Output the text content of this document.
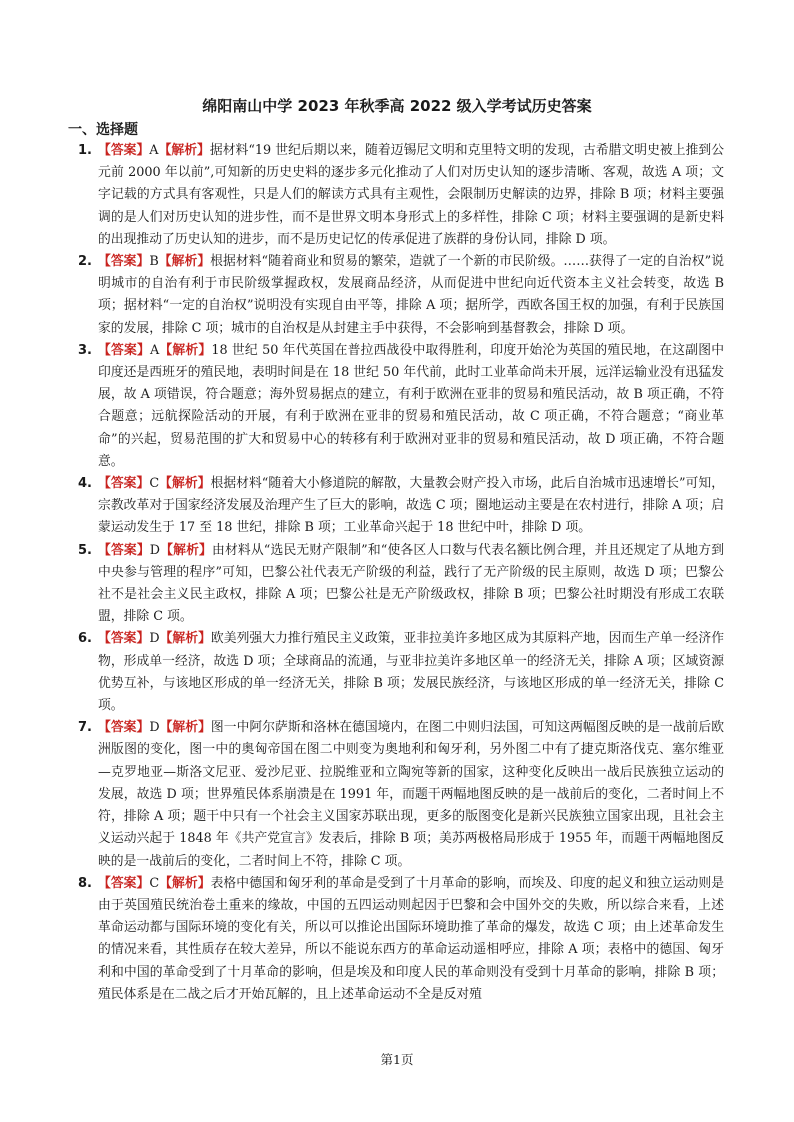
绵阳南山中学 2023 年秋季高 2022 级入学考试历史答案
一、选择题
1. 【答案】A【解析】据材料“19 世纪后期以来，随着迈锡尼文明和克里特文明的发现，古希腊文明史被上推到公元前 2000 年以前”,可知新的历史史料的逐步多元化推动了人们对历史认知的逐步清晰、客观，故选 A 项；文字记载的方式具有客观性，只是人们的解读方式具有主观性，会限制历史解读的边界，排除 B 项；材料主要强调的是人们对历史认知的进步性，而不是世界文明本身形式上的多样性，排除 C 项；材料主要强调的是新史料的出现推动了历史认知的进步，而不是历史记忆的传承促进了族群的身份认同，排除 D 项。
2. 【答案】B【解析】根据材料“随着商业和贸易的繁荣，造就了一个新的市民阶级。……获得了一定的自治权”说明城市的自治有利于市民阶级掌握政权，发展商品经济，从而促进中世纪向近代资本主义社会转变，故选 B 项；据材料“一定的自治权”说明没有实现自由平等，排除 A 项；据所学，西欧各国王权的加强，有利于民族国家的发展，排除 C 项；城市的自治权是从封建主手中获得，不会影响到基督教会，排除 D 项。
3. 【答案】A【解析】18 世纪 50 年代英国在普拉西战役中取得胜利，印度开始沦为英国的殖民地，在这副图中印度还是西班牙的殖民地，表明时间是在 18 世纪 50 年代前，此时工业革命尚未开展，远洋运输业没有迅猛发展，故 A 项错误，符合题意；海外贸易据点的建立，有利于欧洲在亚非的贸易和殖民活动，故 B 项正确，不符合题意；远航探险活动的开展，有利于欧洲在亚非的贸易和殖民活动，故 C 项正确，不符合题意；“商业革命”的兴起，贸易范围的扩大和贸易中心的转移有利于欧洲对亚非的贸易和殖民活动，故 D 项正确，不符合题意。
4. 【答案】C【解析】根据材料“随着大小修道院的解散，大量教会财产投入市场，此后自治城市迅速增长”可知，宗教改革对于国家经济发展及治理产生了巨大的影响，故选 C 项；圈地运动主要是在农村进行，排除 A 项；启蒙运动发生于 17 至 18 世纪，排除 B 项；工业革命兴起于 18 世纪中叶，排除 D 项。
5. 【答案】D【解析】由材料从“选民无财产限制”和“使各区人口数与代表名额比例合理，并且还规定了从地方到中央参与管理的程序”可知，巴黎公社代表无产阶级的利益，践行了无产阶级的民主原则，故选 D 项；巴黎公社不是社会主义民主政权，排除 A 项；巴黎公社是无产阶级政权，排除 B 项；巴黎公社时期没有形成工农联盟，排除 C 项。
6. 【答案】D【解析】欧美列强大力推行殖民主义政策，亚非拉美许多地区成为其原料产地，因而生产单一经济作物，形成单一经济，故选 D 项；全球商品的流通，与亚非拉美许多地区单一的经济无关，排除 A 项；区域资源优势互补，与该地区形成的单一经济无关，排除 B 项；发展民族经济，与该地区形成的单一经济无关，排除 C 项。
7. 【答案】D【解析】图一中阿尔萨斯和洛林在德国境内，在图二中则归法国，可知这两幅图反映的是一战前后欧洲版图的变化，图一中的奥匈帝国在图二中则变为奥地利和匈牙利，另外图二中有了捷克斯洛伐克、塞尔维亚—克罗地亚—斯洛文尼亚、爱沙尼亚、拉脱维亚和立陶宛等新的国家，这种变化反映出一战后民族独立运动的发展，故选 D 项；世界殖民体系崩溃是在 1991 年，而题干两幅地图反映的是一战前后的变化，二者时间上不符，排除 A 项；题干中只有一个社会主义国家苏联出现，更多的版图变化是新兴民族独立国家出现，且社会主义运动兴起于 1848 年《共产党宣言》发表后，排除 B 项；美苏两极格局形成于 1955 年，而题干两幅地图反映的是一战前后的变化，二者时间上不符，排除 C 项。
8. 【答案】C【解析】表格中德国和匈牙利的革命是受到了十月革命的影响，而埃及、印度的起义和独立运动则是由于英国殖民统治卷土重来的缘故，中国的五四运动则起因于巴黎和会中国外交的失败，所以综合来看，上述革命运动都与国际环境的变化有关，所以可以推论出国际环境助推了革命的爆发，故选 C 项；由上述革命发生的情况来看，其性质存在较大差异，所以不能说东西方的革命运动遥相呼应，排除 A 项；表格中的德国、匈牙利和中国的革命受到了十月革命的影响，但是埃及和印度人民的革命则没有受到十月革命的影响，排除 B 项；殖民体系是在二战之后才开始瓦解的，且上述革命运动不全是反对殖
第1页
